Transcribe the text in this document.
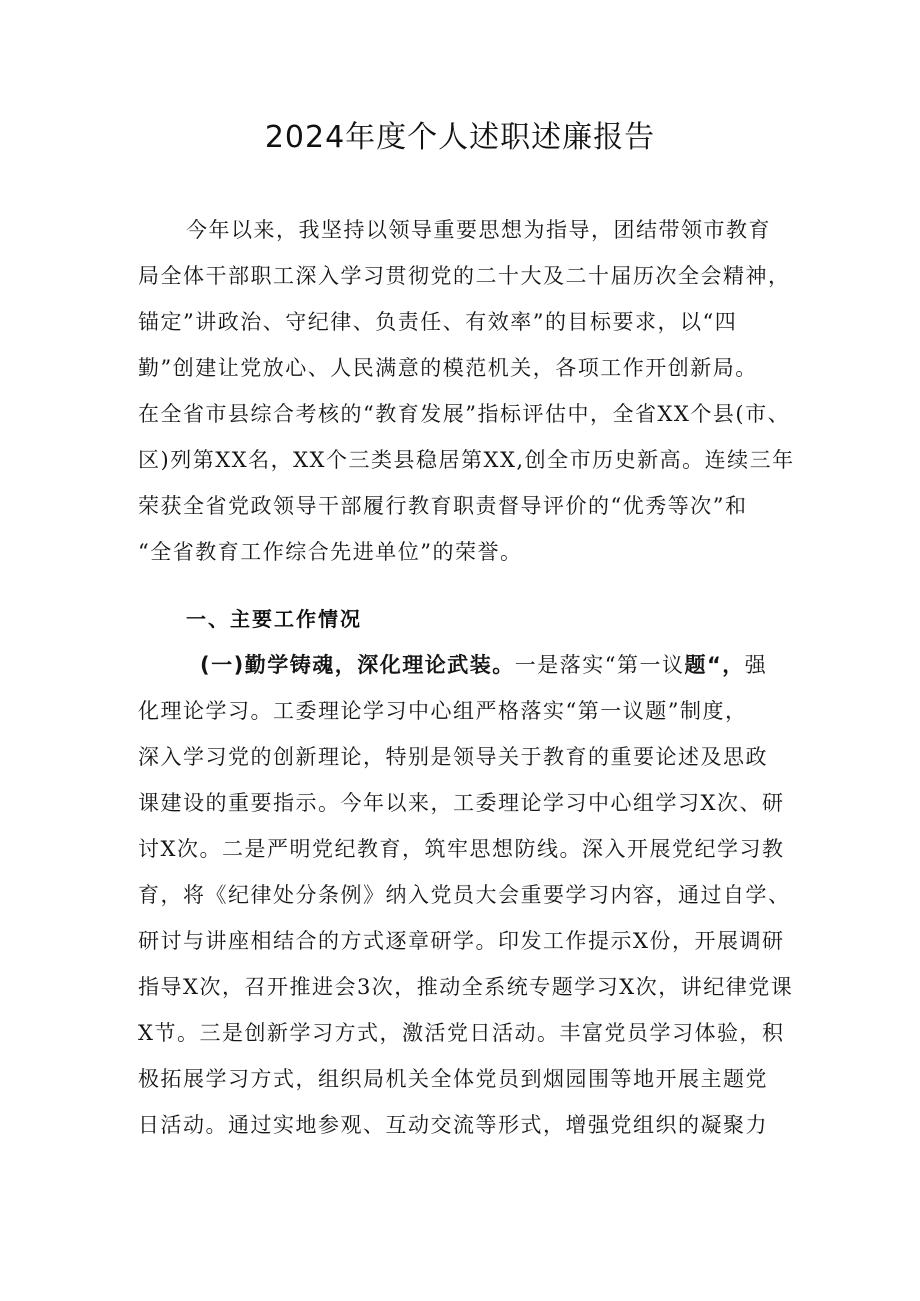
2024年度个人述职述廉报告
今年以来，我坚持以领导重要思想为指导，团结带领市教育
局全体干部职工深入学习贯彻党的二十大及二十届历次全会精神，
锚定”讲政治、守纪律、负责任、有效率”的目标要求，以“四
勤”创建让党放心、人民满意的模范机关，各项工作开创新局。
在全省市县综合考核的“教育发展”指标评估中，全省XX个县(市、
区)列第XX名，XX个三类县稳居第XX,创全市历史新高。连续三年
荣获全省党政领导干部履行教育职责督导评价的“优秀等次”和
“全省教育工作综合先进单位”的荣誉。
一、主要工作情况
(一)勤学铸魂，深化理论武装。一是落实“第一议题“，强
化理论学习。工委理论学习中心组严格落实“第一议题”制度，
深入学习党的创新理论，特别是领导关于教育的重要论述及思政
课建设的重要指示。今年以来，工委理论学习中心组学习X次、研
讨X次。二是严明党纪教育，筑牢思想防线。深入开展党纪学习教
育，将《纪律处分条例》纳入党员大会重要学习内容，通过自学、
研讨与讲座相结合的方式逐章研学。印发工作提示X份，开展调研
指导X次，召开推进会3次，推动全系统专题学习X次，讲纪律党课
X节。三是创新学习方式，激活党日活动。丰富党员学习体验，积
极拓展学习方式，组织局机关全体党员到烟园围等地开展主题党
日活动。通过实地参观、互动交流等形式，增强党组织的凝聚力
